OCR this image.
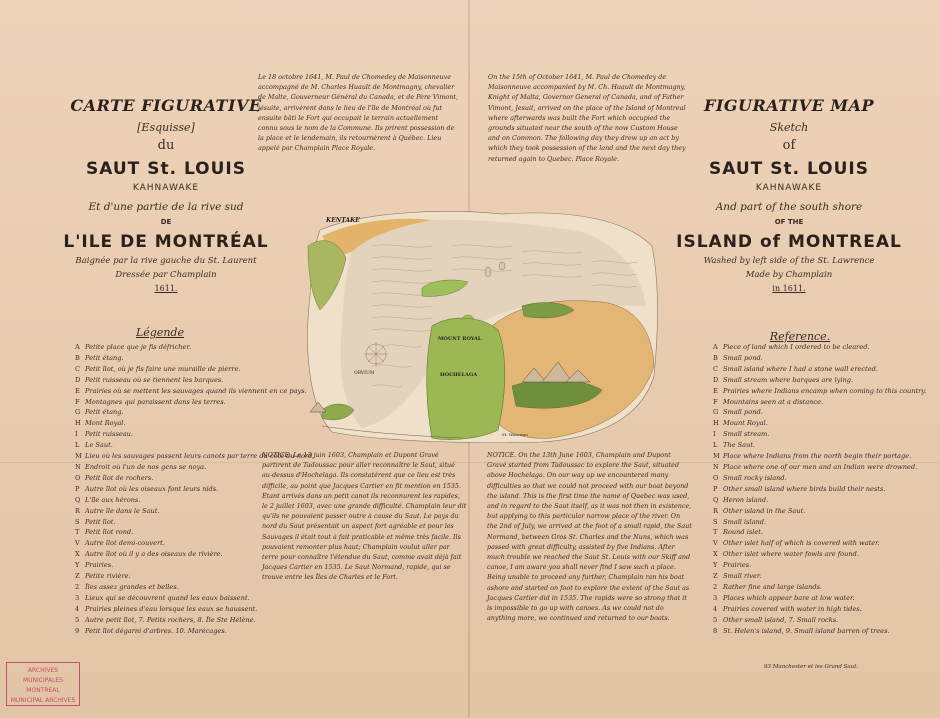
CARTE FIGURATIVE
[Esquisse]
du
SAUT St. LOUIS
KAHNAWAKE
Et d'une partie de la rive sud
DE
L'ILE DE MONTRÉAL
Baignée par la rive gauche du St. Laurent
Dressée par Champlain
1611.
FIGURATIVE MAP
Sketch
of
SAUT St. LOUIS
KAHNAWAKE
And part of the south shore
OF THE
ISLAND of MONTREAL
Washed by left side of the St. Lawrence
Made by Champlain
in 1611.

Le 18 octobre 1641, M. Paul de Chomedey de Maisonneuve accompagné de M. Charles Huault de Montmagny, chevalier de Malte, Gouverneur Général du Canada, et de Père Vimont, jésuite, arrivèrent dans le lieu de l'île de Montréal où fut ensuite bâti le Fort qui occupait le terrain actuellement connu sous le nom de la Commune. Ils prirent possession de la place et le lendemain, ils retournèrent à Québec. Lieu appelé par Champlain Place Royale.

On the 15th of October 1641, M. Paul de Chomedey de Maisonneuve accompanied by M. Ch. Huault de Montmagny, Knight of Malta, Governor General of Canada, and of Father Vimont, Jesuit, arrived on the place of the Island of Montreal where afterwards was built the Fort which occupied the grounds situated near the south of the now Custom House and on Common. The following day they drew up an act by which they took possession of the land and the next day they returned again to Quebec. Place Royale.

KENTAKE
HOCHELAGA
MOUNT ROYAL
ORVIUM
St. Wasowan
Légende	Reference.
A Petite place que je fis défricher.
B Petit étang.
C Petit îlot, où je fis faire une muraille de pierre.
D Petit ruisseau où se tiennent les barques.
E Prairies où se mettent les sauvages quand ils viennent en ce pays.
F Montagnes qui paraissent dans les terres.
G Petit étang.
H Mont Royal.
I Petit ruisseau.
L Le Saut.
M Lieu où les sauvages passent leurs canots par terre du côté du nord.
N Endroit où l'un de nos gens se noya.
O Petit îlot de rochers.
P Autre îlot où les oiseaux font leurs nids.
Q L'île aux hérons.
R Autre île dans le Saut.
S Petit îlot.
T Petit îlot rond.
V Autre îlot demi-couvert.
X Autre îlot où il y a des oiseaux de rivière.
Y Prairies.
Z Petite rivière.
2 Îles assez grandes et belles.
3 Lieux qui se découvrent quand les eaux baissent.
4 Prairies pleines d'eau lorsque les eaux se haussent.
5 Autre petit îlot, 7. Petits rochers, 8. Île Ste Hélène.
9 Petit îlot dégarni d'arbres. 10. Marécages.
A Piece of land which I ordered to be cleared.
B Small pond.
C Small island where I had a stone wall erected.
D Small stream where barques are lying.
E Prairies where Indians encamp when coming to this country.
F Mountains seen at a distance.
G Small pond.
H Mount Royal.
I Small stream.
L The Saut.
M Place where Indians from the north begin their portage.
N Place where one of our men and an Indian were drowned.
O Small rocky island.
P Other small island where birds build their nests.
Q Heron island.
R Other island in the Saut.
S Small island.
T Round islet.
V Other islet half of which is covered with water.
X Other islet where water fowls are found.
Y Prairies.
Z Small river.
2 Rather fine and large islands.
3 Places which appear bare at low water.
4 Prairies covered with water in high tides.
5 Other small island, 7. Small rocks.
8 St. Helen's island, 9. Small island barren of trees.

NOTICE. Le 13 juin 1603, Champlain et Dupont Gravé partirent de Tadoussac pour aller reconnaître le Saut, situé au-dessus d'Hochelaga. Ils constatèrent que ce lieu est très difficile, au point que Jacques Cartier en fit mention en 1535. Étant arrivés dans un petit canot ils reconnurent les rapides, le 2 juillet 1603, avec une grande difficulté. Champlain leur dit qu'ils ne pouvaient passer outre à cause du Saut. Le pays du nord du Saut présentait un aspect fort agréable et pour les Sauvages il était tout à fait praticable et même très facile. Ils pouvaient remonter plus haut; Champlain voulut aller par terre pour connaître l'étendue du Saut, comme avait déjà fait Jacques Cartier en 1535. Le Saut Normand, rapide, qui se trouve entre les Îles de Charles et le Fort.

NOTICE. On the 13th June 1603, Champlain and Dupont Gravé started from Tadoussac to explore the Saut, situated above Hochelaga. On our way up we encountered many difficulties so that we could not proceed with our boat beyond the island. This is the first time the name of Quebec was used, and in regard to the Saut itself, as it was not then in existence, but applying to this particular narrow place of the river. On the 2nd of July, we arrived at the foot of a small rapid, the Saut Normand, between Gros St. Charles and the Nuns, which was passed with great difficulty, assisted by five Indians. After much trouble we reached the Saut St. Louis with our Skiff and canoe, I am aware you shall never find I saw such a place. Being unable to proceed any further, Champlain ran his boat ashore and started on foot to explore the extent of the Saut as Jacques Cartier did in 1535. The rapids were so strong that it is impossible to go up with canoes. As we could not do anything more, we continued and returned to our boats.

ARCHIVES MUNICIPALES
MONTREAL
MUNICIPAL ARCHIVES
93 Manchester et les Grand Saut.
